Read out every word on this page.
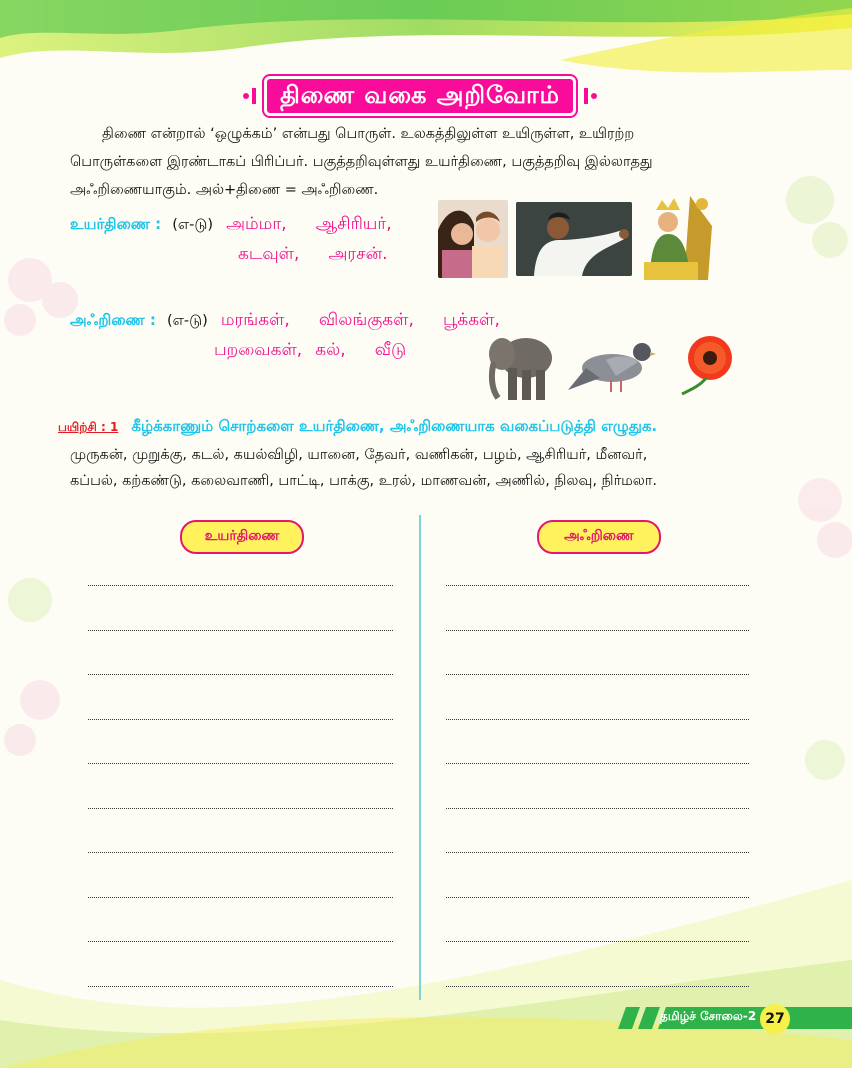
திணை வகை அறிவோம்

திணை என்றால் ‘ஒழுக்கம்’ என்பது பொருள். உலகத்திலுள்ள உயிருள்ள, உயிரற்ற

பொருள்களை இரண்டாகப் பிரிப்பர். பகுத்தறிவுள்ளது உயர்திணை, பகுத்தறிவு இல்லாதது

அஃறிணையாகும். அல்+திணை = அஃறிணை.

உயர்திணை : (எ-டு) அம்மா, ஆசிரியர்,
கடவுள், அரசன்.
அஃறிணை : (எ-டு) மரங்கள், விலங்குகள், பூக்கள்,
பறவைகள், கல், வீடு
பயிற்சி : 1 கீழ்க்காணும் சொற்களை உயர்திணை, அஃறிணையாக வகைப்படுத்தி எழுதுக.

முருகன், முறுக்கு, கடல், கயல்விழி, யானை, தேவர், வணிகன், பழம், ஆசிரியர், மீனவர்,

கப்பல், கற்கண்டு, கலைவாணி, பாட்டி, பாக்கு, உரல், மாணவன், அணில், நிலவு, நிர்மலா.

உயர்திணை	அஃறிணை
தமிழ்ச் சோலை-2 27
